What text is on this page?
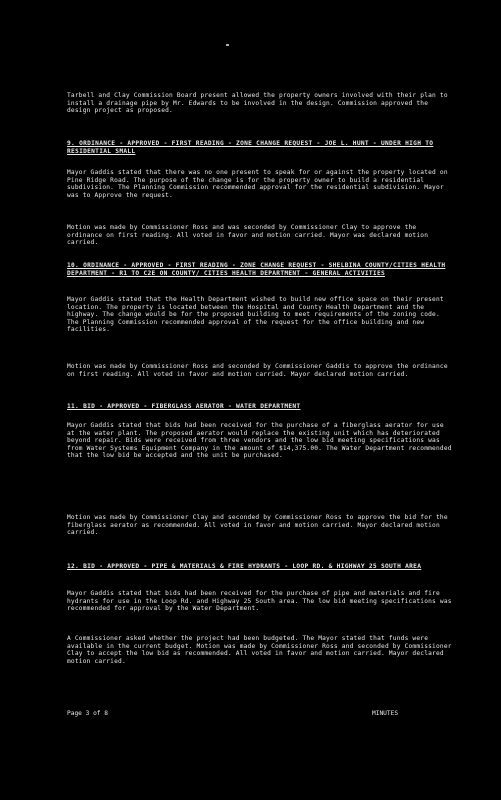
Tarbell and Clay Commission Board present allowed the property owners involved with their plan to install a drainage pipe by Mr. Edwards to be involved in the design. Commission approved the design project as proposed.

9. ORDINANCE - APPROVED - FIRST READING - ZONE CHANGE REQUEST - JOE L. HUNT - UNDER HIGH TO RESIDENTIAL SMALL

Mayor Gaddis stated that there was no one present to speak for or against the property located on Pine Ridge Road. The purpose of the change is for the property owner to build a residential subdivision. The Planning Commission recommended approval for the residential subdivision. Mayor was to Approve the request.

Motion was made by Commissioner Ross and was seconded by Commissioner Clay to approve the ordinance on first reading. All voted in favor and motion carried. Mayor was declared motion carried.

10. ORDINANCE - APPROVED - FIRST READING - ZONE CHANGE REQUEST - SHELBINA COUNTY/CITIES HEALTH DEPARTMENT - R1 TO C2E ON COUNTY/ CITIES HEALTH DEPARTMENT - GENERAL ACTIVITIES

Mayor Gaddis stated that the Health Department wished to build new office space on their present location. The property is located between the Hospital and County Health Department and the highway. The change would be for the proposed building to meet requirements of the zoning code. The Planning Commission recommended approval of the request for the office building and new facilities.

Motion was made by Commissioner Ross and seconded by Commissioner Gaddis to approve the ordinance on first reading. All voted in favor and motion carried. Mayor declared motion carried.

11. BID - APPROVED - FIBERGLASS AERATOR - WATER DEPARTMENT

Mayor Gaddis stated that bids had been received for the purchase of a fiberglass aerator for use at the water plant. The proposed aerator would replace the existing unit which has deteriorated beyond repair. Bids were received from three vendors and the low bid meeting specifications was from Water Systems Equipment Company in the amount of $14,375.00. The Water Department recommended that the low bid be accepted and the unit be purchased.

Motion was made by Commissioner Clay and seconded by Commissioner Ross to approve the bid for the fiberglass aerator as recommended. All voted in favor and motion carried. Mayor declared motion carried.

12. BID - APPROVED - PIPE & MATERIALS & FIRE HYDRANTS - LOOP RD. & HIGHWAY 25 SOUTH AREA

Mayor Gaddis stated that bids had been received for the purchase of pipe and materials and fire hydrants for use in the Loop Rd. and Highway 25 South area. The low bid meeting specifications was recommended for approval by the Water Department.

A Commissioner asked whether the project had been budgeted. The Mayor stated that funds were available in the current budget. Motion was made by Commissioner Ross and seconded by Commissioner Clay to accept the low bid as recommended. All voted in favor and motion carried. Mayor declared motion carried.

Page 3 of 8	MINUTES
